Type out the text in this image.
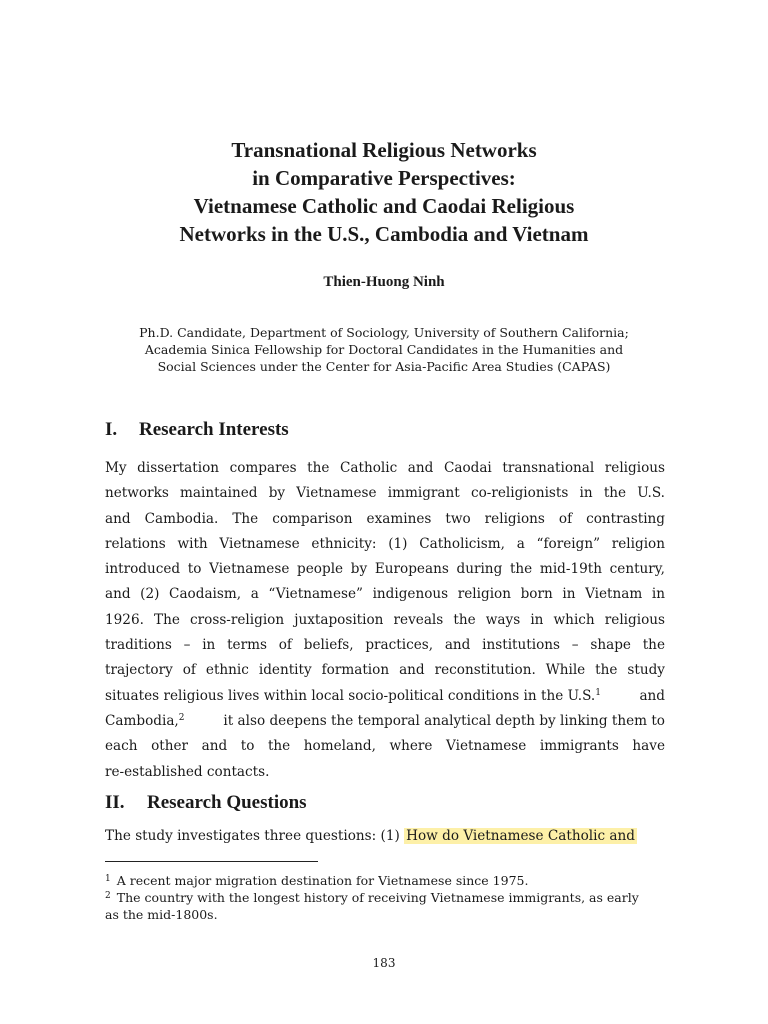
Transnational Religious Networks
in Comparative Perspectives:
Vietnamese Catholic and Caodai Religious
Networks in the U.S., Cambodia and Vietnam
Thien-Huong Ninh
Ph.D. Candidate, Department of Sociology, University of Southern California;
Academia Sinica Fellowship for Doctoral Candidates in the Humanities and
Social Sciences under the Center for Asia-Pacific Area Studies (CAPAS)
I. Research Interests
My dissertation compares the Catholic and Caodai transnational religious
networks maintained by Vietnamese immigrant co-religionists in the U.S.
and Cambodia. The comparison examines two religions of contrasting
relations with Vietnamese ethnicity: (1) Catholicism, a “foreign” religion
introduced to Vietnamese people by Europeans during the mid-19th century,
and (2) Caodaism, a “Vietnamese” indigenous religion born in Vietnam in
1926. The cross-religion juxtaposition reveals the ways in which religious
traditions – in terms of beliefs, practices, and institutions – shape the
trajectory of ethnic identity formation and reconstitution. While the study
situates religious lives within local socio-political conditions in the U.S.$^1$	and
Cambodia,$^2$	it also deepens the temporal analytical depth by linking them to
each other and to the homeland, where Vietnamese immigrants have
re-established contacts.
II. Research Questions
The study investigates three questions: (1) How do Vietnamese Catholic and
$^1$ A recent major migration destination for Vietnamese since 1975.
$^2$ The country with the longest history of receiving Vietnamese immigrants, as early
as the mid-1800s.
183
